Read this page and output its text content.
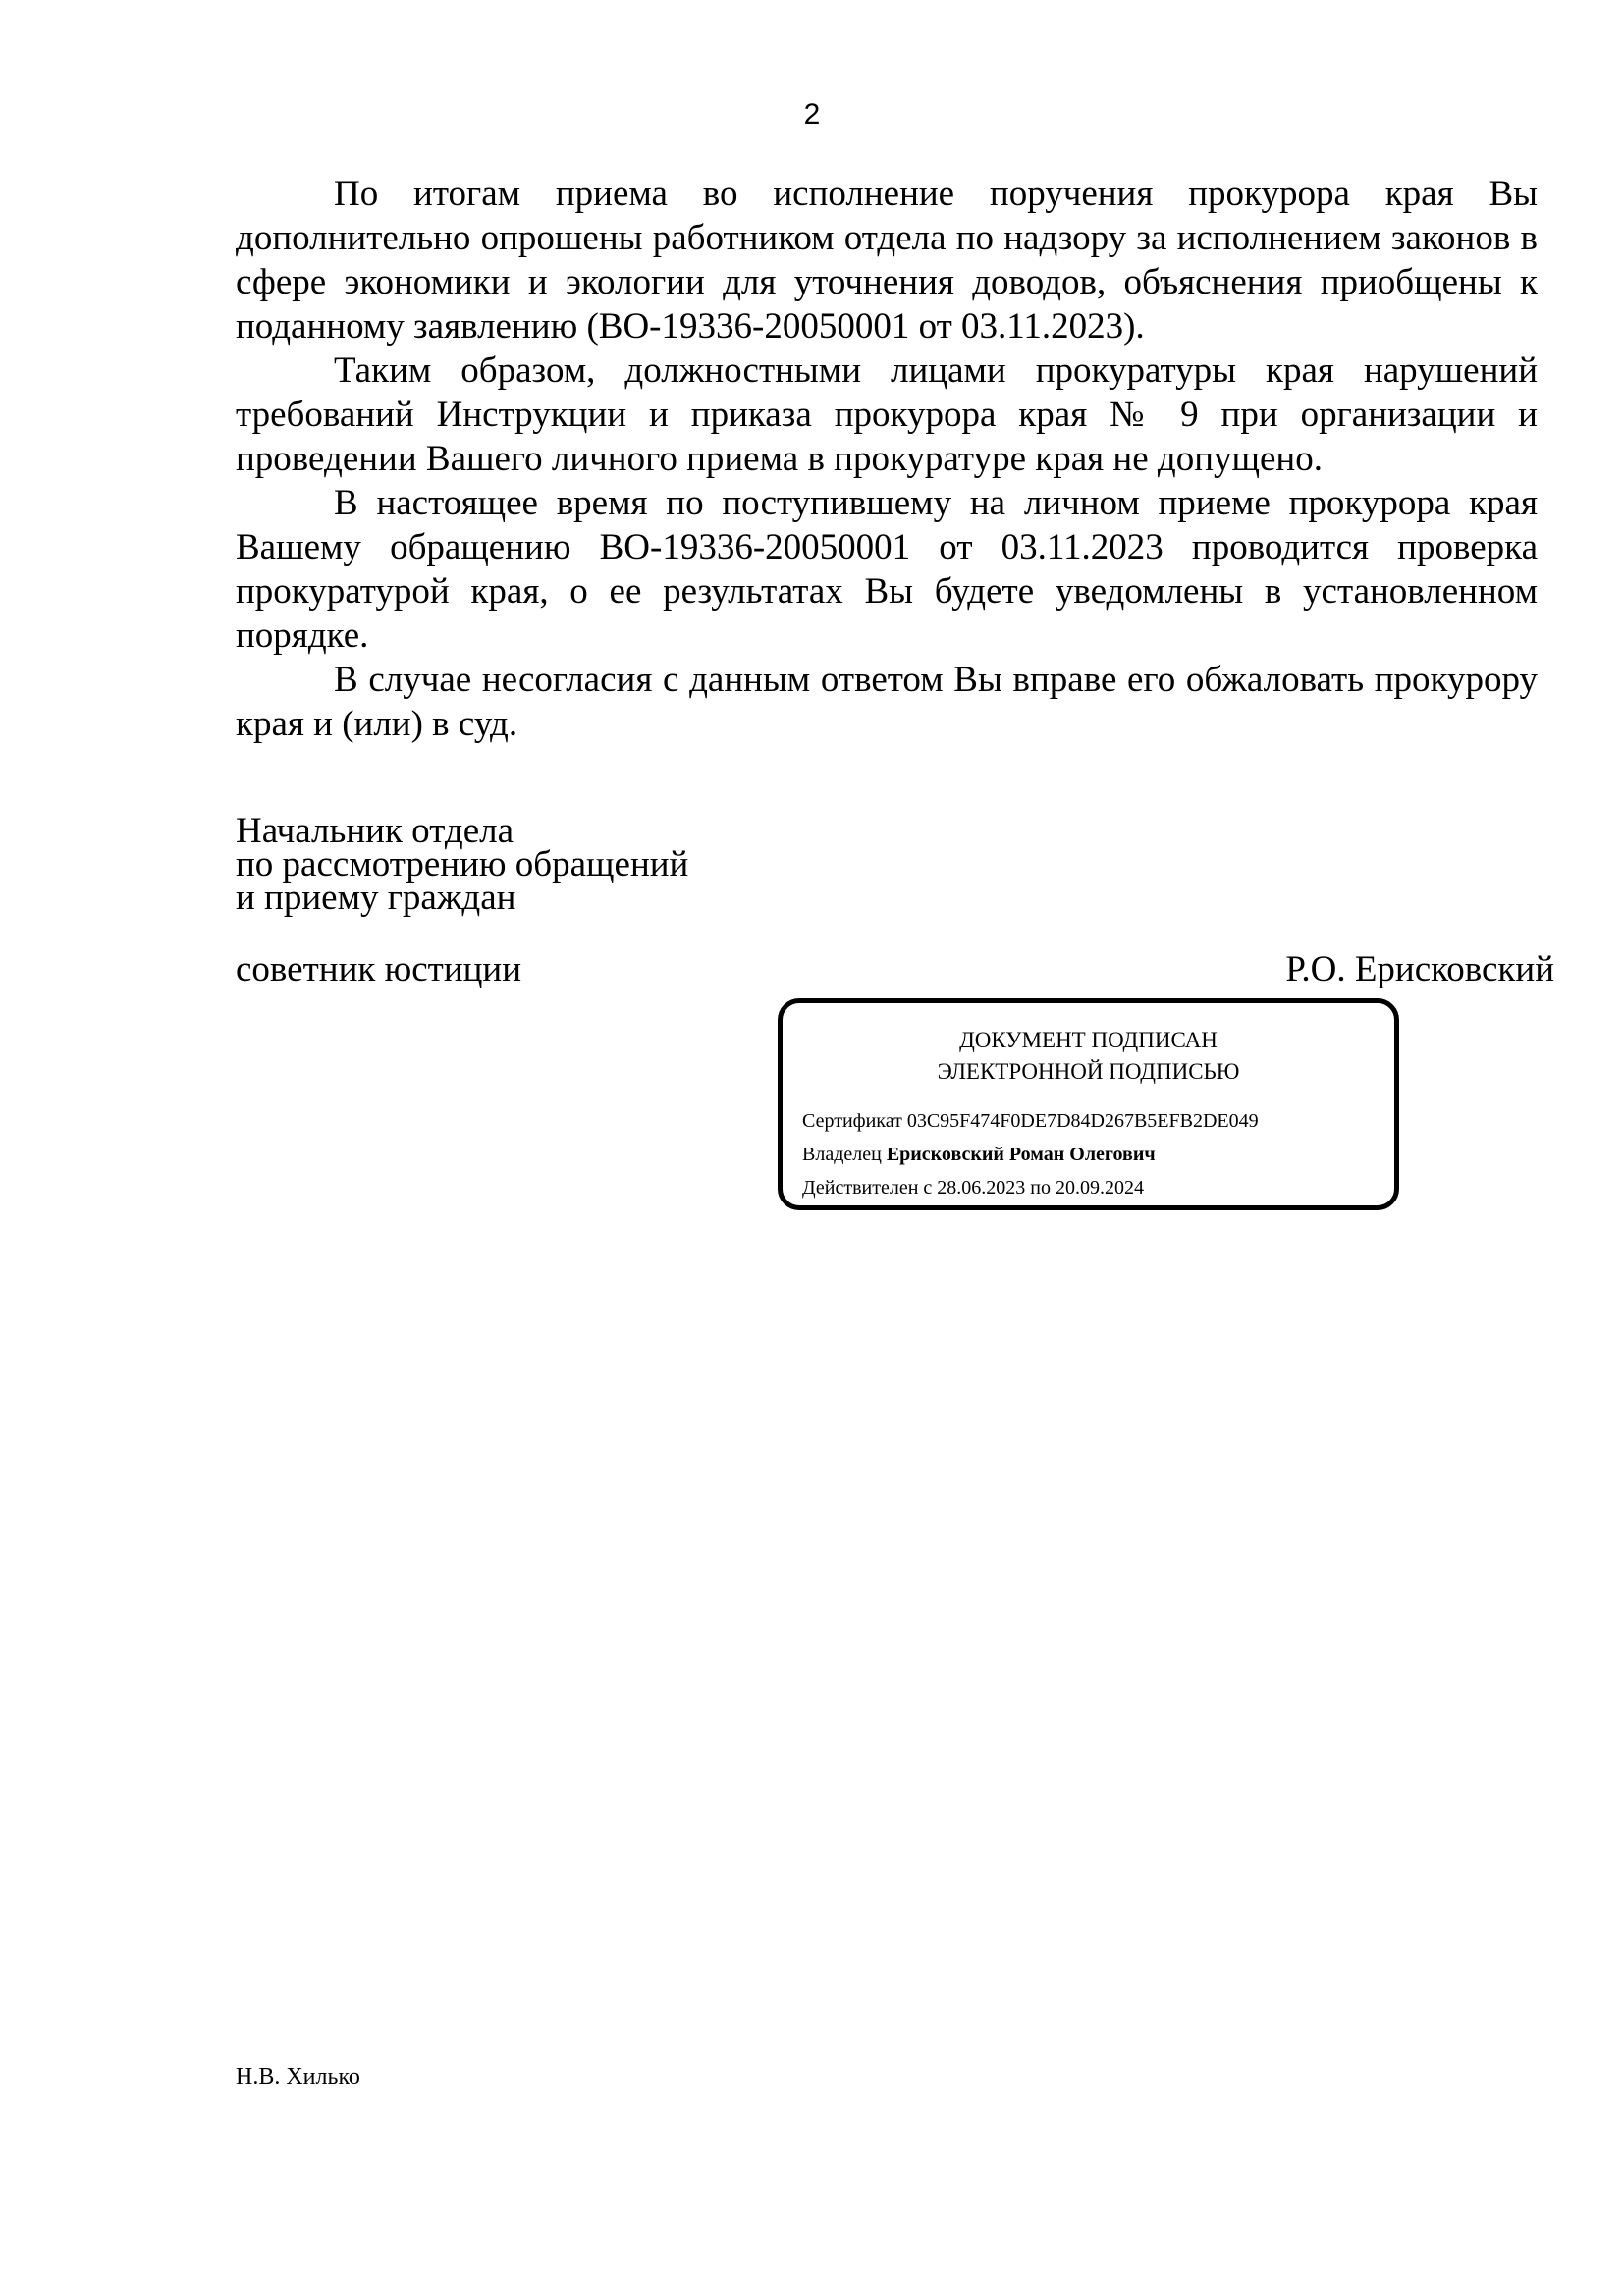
2

По итогам приема во исполнение поручения прокурора края Вы дополнительно опрошены работником отдела по надзору за исполнением законов в сфере экономики и экологии для уточнения доводов, объяснения приобщены к поданному заявлению (ВО-19336-20050001 от 03.11.2023).

Таким образом, должностными лицами прокуратуры края нарушений требований Инструкции и приказа прокурора края № 9 при организации и проведении Вашего личного приема в прокуратуре края не допущено.

В настоящее время по поступившему на личном приеме прокурора края Вашему обращению ВО-19336-20050001 от 03.11.2023 проводится проверка прокуратурой края, о ее результатах Вы будете уведомлены в установленном порядке.

В случае несогласия с данным ответом Вы вправе его обжаловать прокурору края и (или) в суд.

Начальник отдела
по рассмотрению обращений
и приему граждан
советник юстиции	Р.О. Ерисковский
ДОКУМЕНТ ПОДПИСАН
ЭЛЕКТРОННОЙ ПОДПИСЬЮ
Сертификат 03C95F474F0DE7D84D267B5EFB2DE049
Владелец Ерисковский Роман Олегович
Действителен с 28.06.2023 по 20.09.2024
Н.В. Хилько
